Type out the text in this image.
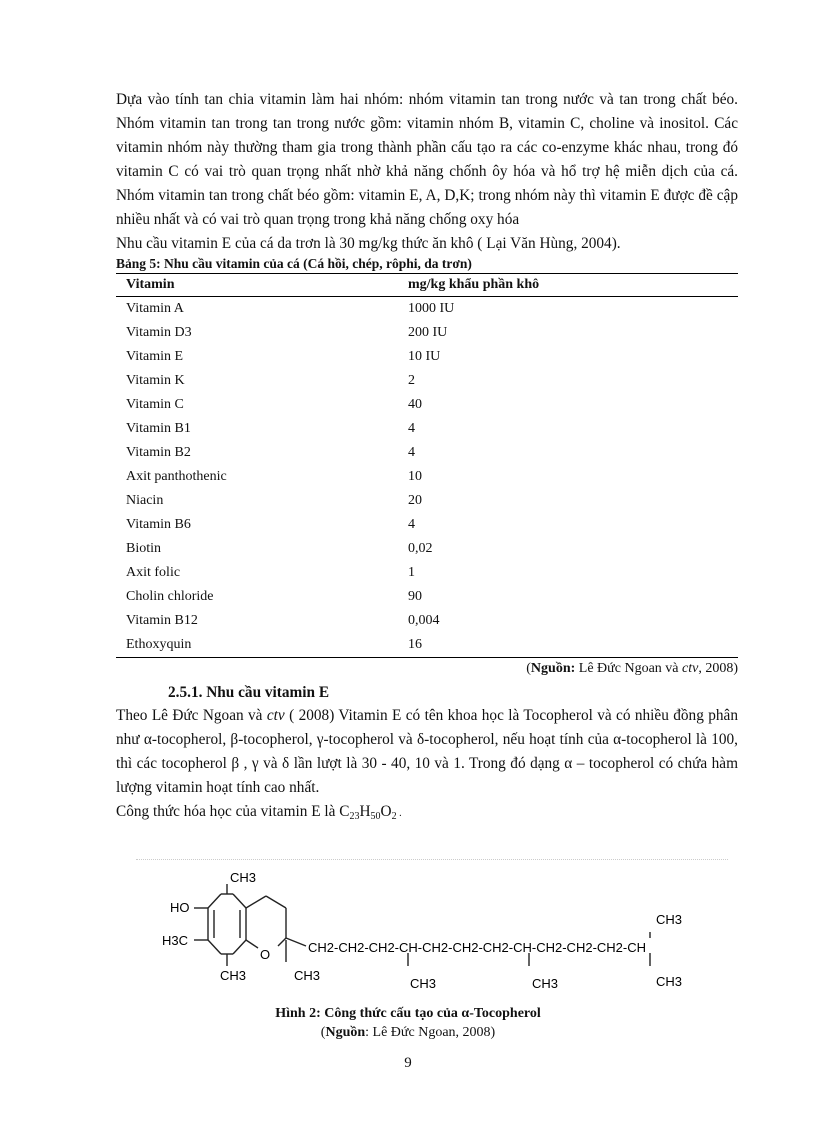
Dựa vào tính tan chia vitamin làm hai nhóm: nhóm vitamin tan trong nước và tan trong chất béo. Nhóm vitamin tan trong tan trong nước gồm: vitamin nhóm B, vitamin C, choline và inositol. Các vitamin nhóm này thường tham gia trong thành phần cấu tạo ra các co-enzyme khác nhau, trong đó vitamin C có vai trò quan trọng nhất nhờ khả năng chốnh ôy hóa và hổ trợ hệ miễn dịch của cá. Nhóm vitamin tan trong chất béo gồm: vitamin E, A, D,K; trong nhóm này thì vitamin E được đề cập nhiều nhất và có vai trò quan trọng trong khả năng chống oxy hóa

Nhu cầu vitamin E của cá da trơn là 30 mg/kg thức ăn khô ( Lại Văn Hùng, 2004).

Bảng 5: Nhu cầu vitamin của cá (Cá hồi, chép, rôphi, da trơn)

Vitamin	mg/kg khẩu phần khô
Vitamin A	1000 IU
Vitamin D3	200 IU
Vitamin E	10 IU
Vitamin K	2
Vitamin C	40
Vitamin B1	4
Vitamin B2	4
Axit panthothenic	10
Niacin	20
Vitamin B6	4
Biotin	0,02
Axit folic	1
Cholin chloride	90
Vitamin B12	0,004
Ethoxyquin	16

(Nguồn: Lê Đức Ngoan và ctv, 2008)

2.5.1. Nhu cầu vitamin E

Theo Lê Đức Ngoan và ctv ( 2008) Vitamin E có tên khoa học là Tocopherol và có nhiều đồng phân như α-tocopherol, β-tocopherol, γ-tocopherol và δ-tocopherol, nếu hoạt tính của α-tocopherol là 100, thì các tocopherol β , γ và δ lần lượt là 30 - 40, 10 và 1. Trong đó dạng α – tocopherol có chứa hàm lượng vitamin hoạt tính cao nhất.

Công thức hóa học của vitamin E là $C_{23}H_{50}O_2$ .

CH3
HO
H3C
CH3
O
CH3
CH2-CH2-CH2-CH-CH2-CH2-CH2-CH-CH2-CH2-CH2-CH
CH3	CH3
CH3
CH3
Hình 2: Công thức cấu tạo của α-Tocopherol
(Nguồn: Lê Đức Ngoan, 2008)
9
